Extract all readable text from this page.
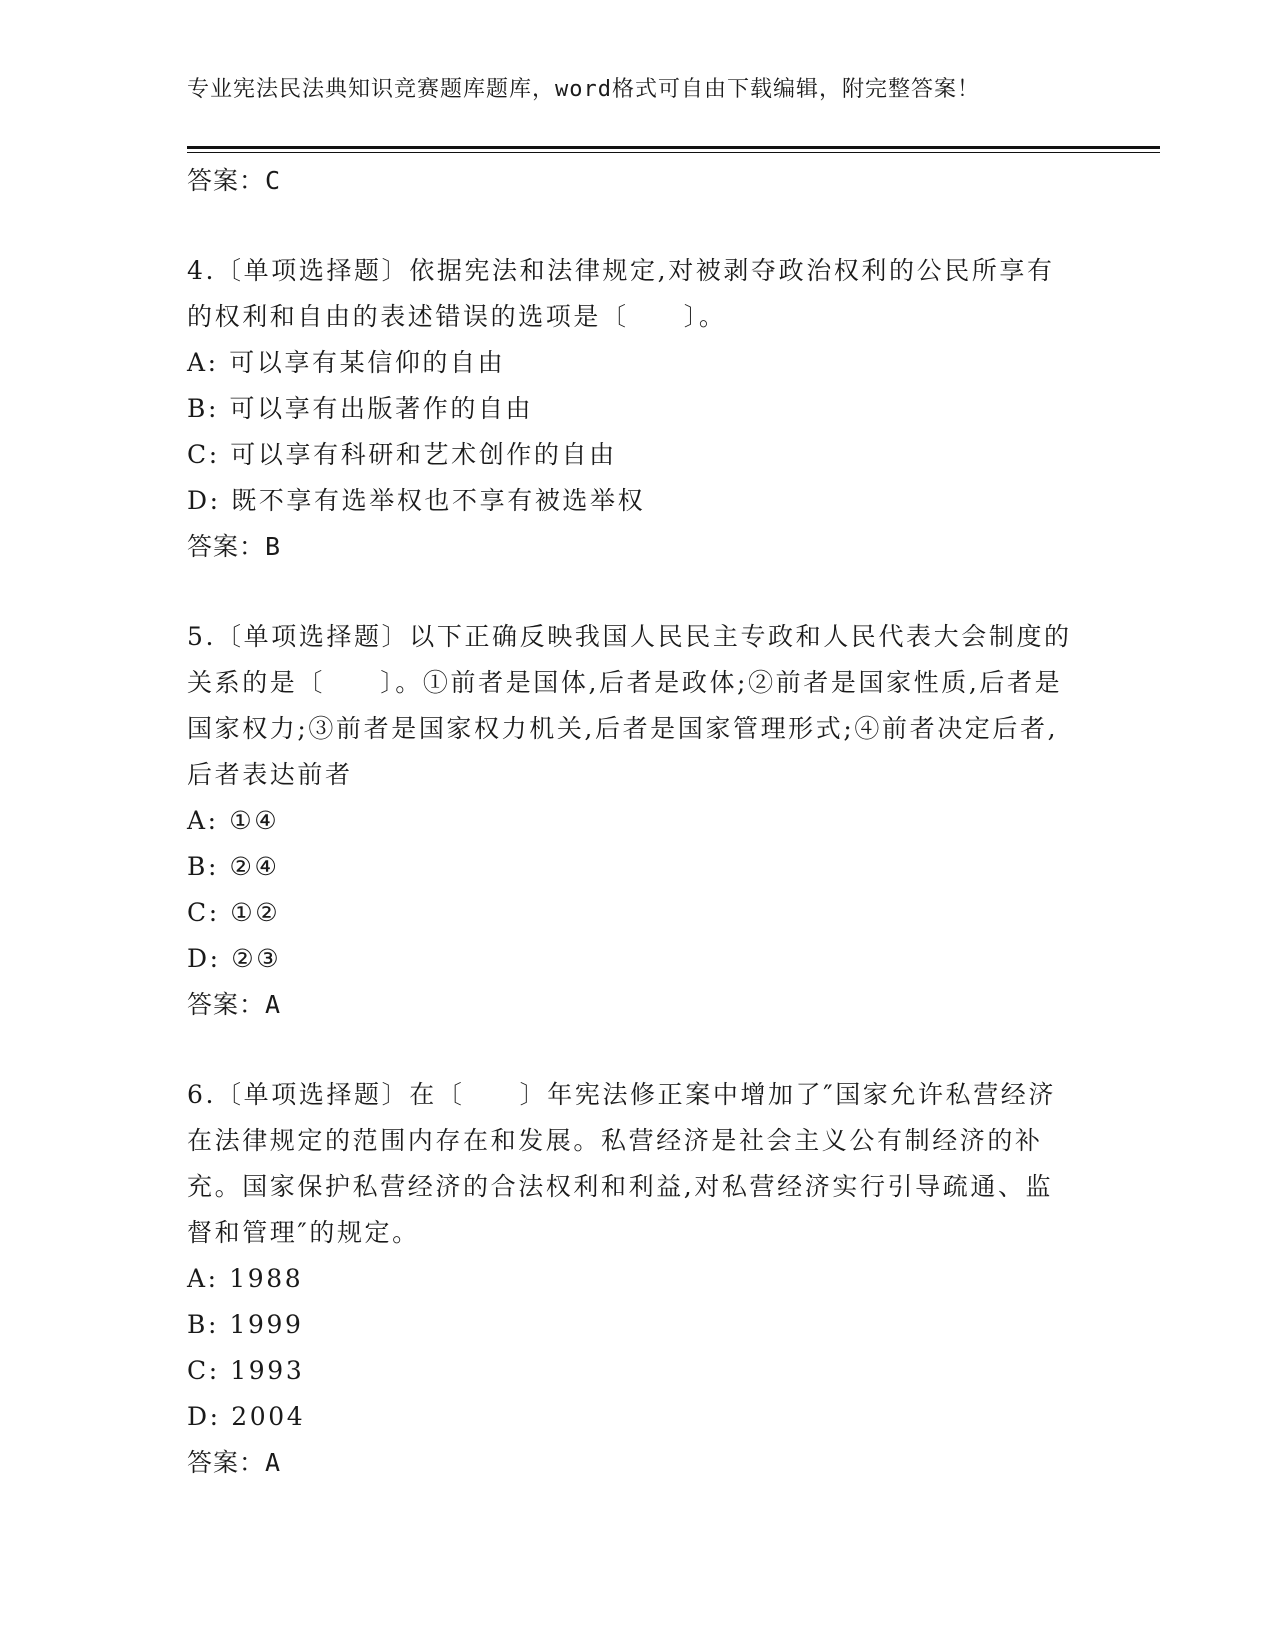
专业宪法民法典知识竞赛题库题库，word格式可自由下载编辑，附完整答案！
答案：C
4.〔单项选择题〕依据宪法和法律规定,对被剥夺政治权利的公民所享有的权利和自由的表述错误的选项是〔　　〕。
A: 可以享有某信仰的自由
B: 可以享有出版著作的自由
C: 可以享有科研和艺术创作的自由
D: 既不享有选举权也不享有被选举权
答案：B
5.〔单项选择题〕以下正确反映我国人民民主专政和人民代表大会制度的关系的是〔　　〕。①前者是国体,后者是政体;②前者是国家性质,后者是国家权力;③前者是国家权力机关,后者是国家管理形式;④前者决定后者,后者表达前者
A: ①④
B: ②④
C: ①②
D: ②③
答案：A
6.〔单项选择题〕在〔　　〕年宪法修正案中增加了″国家允许私营经济在法律规定的范围内存在和发展。私营经济是社会主义公有制经济的补充。国家保护私营经济的合法权利和利益,对私营经济实行引导疏通、监督和管理″的规定。
A: 1988
B: 1999
C: 1993
D: 2004
答案：A
